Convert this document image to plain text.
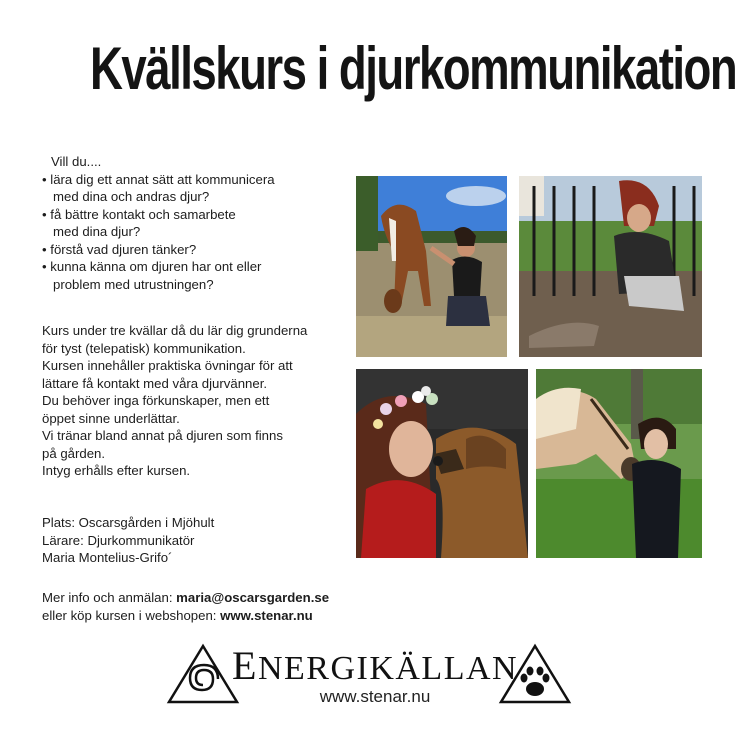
Kvällskurs i djurkommunikation
Vill du....
• lära dig ett annat sätt att kommunicera
med dina och andras djur?
• få bättre kontakt och samarbete
med dina djur?
• förstå vad djuren tänker?
• kunna känna om djuren har ont eller
problem med utrustningen?
Kurs under tre kvällar då du lär dig grunderna
för tyst (telepatisk) kommunikation.
Kursen innehåller praktiska övningar för att
lättare få kontakt med våra djurvänner.
Du behöver inga förkunskaper, men ett
öppet sinne underlättar.
Vi tränar bland annat på djuren som finns
på gården.
Intyg erhålls efter kursen.
Plats: Oscarsgården i Mjöhult
Lärare: Djurkommunikatör
Maria Montelius-Grifo´
Mer info och anmälan: maria@oscarsgarden.se
eller köp kursen i webshopen: www.stenar.nu
ENERGIKÄLLAN
www.stenar.nu
